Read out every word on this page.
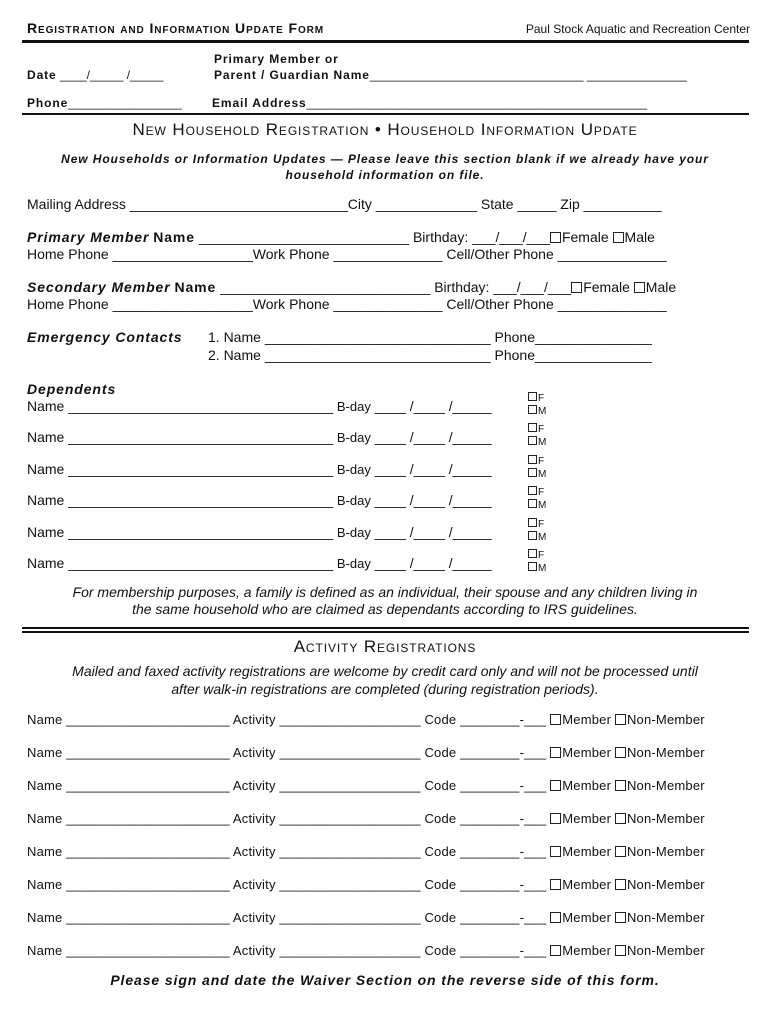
Registration and Information Update Form	Paul Stock Aquatic and Recreation Center
Primary Member or
Date ____/_____ /_____	Parent / Guardian Name________________________________ _______________
Phone_________________	Email Address___________________________________________________
New Household Registration • Household Information Update
New Households or Information Updates — Please leave this section blank if we already have your
household information on file.
Mailing Address ____________________________City _____________ State _____ Zip __________
Primary Member Name ___________________________ Birthday: ___/___/___ Female Male
Home Phone __________________Work Phone ______________ Cell/Other Phone ______________
Secondary Member Name ___________________________ Birthday: ___/___/___ Female Male
Home Phone __________________Work Phone ______________ Cell/Other Phone ______________
Emergency Contacts 1. Name _____________________________ Phone_______________
2. Name _____________________________ Phone_______________
Dependents
Name __________________________________ B-day ____ /____ /_____	F
M
Name __________________________________ B-day ____ /____ /_____	F
M
Name __________________________________ B-day ____ /____ /_____	F
M
Name __________________________________ B-day ____ /____ /_____	F
M
Name __________________________________ B-day ____ /____ /_____	F
M
Name __________________________________ B-day ____ /____ /_____	F
M
For membership purposes, a family is defined as an individual, their spouse and any children living in
the same household who are claimed as dependants according to IRS guidelines.
Activity Registrations
Mailed and faxed activity registrations are welcome by credit card only and will not be processed until
after walk-in registrations are completed (during registration periods).
Name ______________________ Activity ___________________ Code ________-___ Member Non-Member
Name ______________________ Activity ___________________ Code ________-___ Member Non-Member
Name ______________________ Activity ___________________ Code ________-___ Member Non-Member
Name ______________________ Activity ___________________ Code ________-___ Member Non-Member
Name ______________________ Activity ___________________ Code ________-___ Member Non-Member
Name ______________________ Activity ___________________ Code ________-___ Member Non-Member
Name ______________________ Activity ___________________ Code ________-___ Member Non-Member
Name ______________________ Activity ___________________ Code ________-___ Member Non-Member
Please sign and date the Waiver Section on the reverse side of this form.
